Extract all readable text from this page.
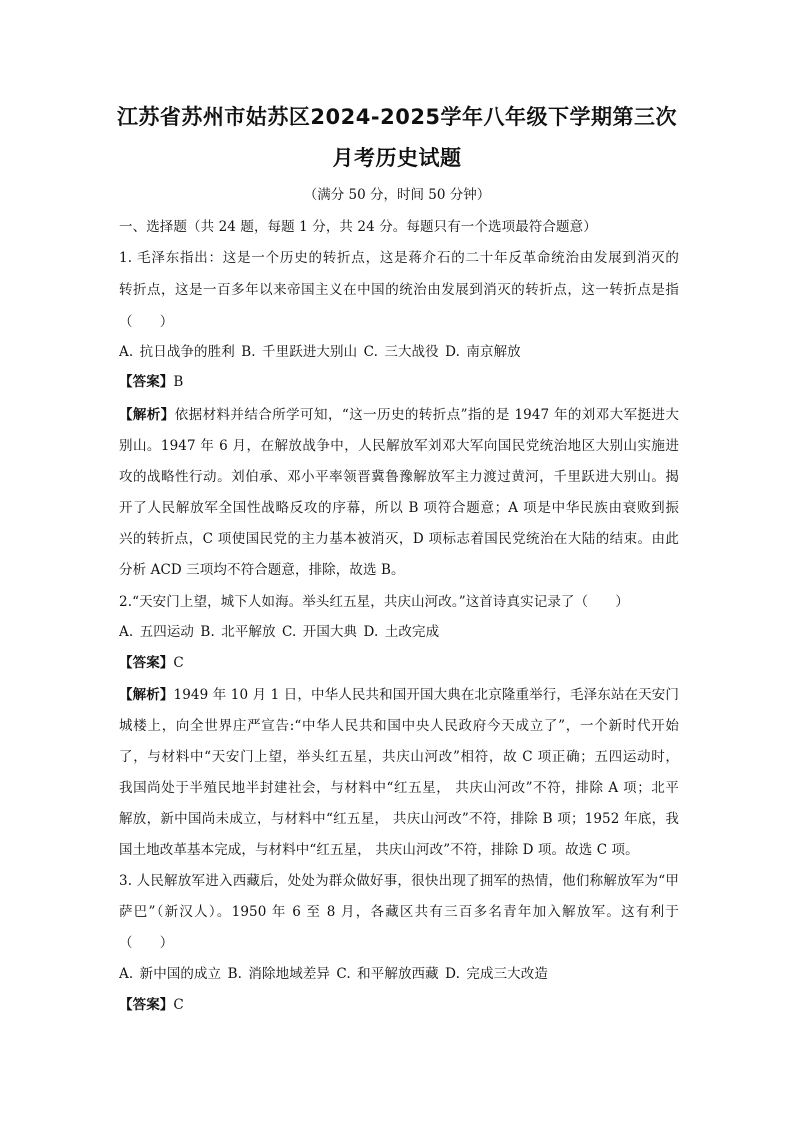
江苏省苏州市姑苏区2024-2025学年八年级下学期第三次
月考历史试题
（满分 50 分，时间 50 分钟）
一、选择题（共 24 题，每题 1 分，共 24 分。每题只有一个选项最符合题意）
1. 毛泽东指出：这是一个历史的转折点，这是蒋介石的二十年反革命统治由发展到消灭的
转折点，这是一百多年以来帝国主义在中国的统治由发展到消灭的转折点，这一转折点是指
（　　）
A. 抗日战争的胜利 B. 千里跃进大别山 C. 三大战役 D. 南京解放
【答案】B
【解析】依据材料并结合所学可知，“这一历史的转折点”指的是 1947 年的刘邓大军挺进大
别山。1947 年 6 月，在解放战争中，人民解放军刘邓大军向国民党统治地区大别山实施进
攻的战略性行动。刘伯承、邓小平率领晋冀鲁豫解放军主力渡过黄河，千里跃进大别山。揭
开了人民解放军全国性战略反攻的序幕，所以 B 项符合题意；A 项是中华民族由衰败到振
兴的转折点，C 项使国民党的主力基本被消灭，D 项标志着国民党统治在大陆的结束。由此
分析 ACD 三项均不符合题意，排除，故选 B。
2.“天安门上望，城下人如海。举头红五星，共庆山河改。”这首诗真实记录了（　　）
A. 五四运动 B. 北平解放 C. 开国大典 D. 土改完成
【答案】C
【解析】1949 年 10 月 1 日，中华人民共和国开国大典在北京隆重举行，毛泽东站在天安门
城楼上，向全世界庄严宣告:“中华人民共和国中央人民政府今天成立了”，一个新时代开始
了，与材料中“天安门上望，举头红五星，共庆山河改”相符，故 C 项正确；五四运动时，
我国尚处于半殖民地半封建社会，与材料中“红五星， 共庆山河改”不符，排除 A 项；北平
解放，新中国尚未成立，与材料中“红五星， 共庆山河改”不符，排除 B 项；1952 年底，我
国土地改革基本完成，与材料中“红五星， 共庆山河改”不符，排除 D 项。故选 C 项。
3. 人民解放军进入西藏后，处处为群众做好事，很快出现了拥军的热情，他们称解放军为“甲
萨巴”（新汉人）。1950 年 6 至 8 月，各藏区共有三百多名青年加入解放军。这有利于
（　　）
A. 新中国的成立 B. 消除地域差异 C. 和平解放西藏 D. 完成三大改造
【答案】C
